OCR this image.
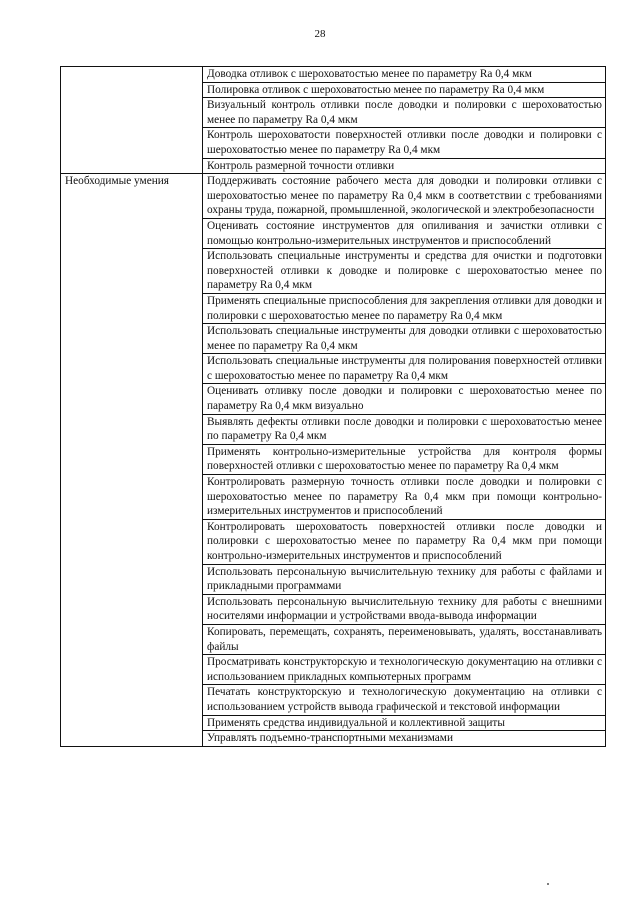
28
	Доводка отливок с шероховатостью менее по параметру Ra 0,4 мкм
	Полировка отливок с шероховатостью менее по параметру Ra 0,4 мкм
	Визуальный контроль отливки после доводки и полировки с шероховатостью менее по параметру Ra 0,4 мкм
	Контроль шероховатости поверхностей отливки после доводки и полировки с шероховатостью менее по параметру Ra 0,4 мкм
	Контроль размерной точности отливки
Необходимые умения	Поддерживать состояние рабочего места для доводки и полировки отливки с шероховатостью менее по параметру Ra 0,4 мкм в соответствии с требованиями охраны труда, пожарной, промышленной, экологической и электробезопасности
	Оценивать состояние инструментов для опиливания и зачистки отливки с помощью контрольно-измерительных инструментов и приспособлений
	Использовать специальные инструменты и средства для очистки и подготовки поверхностей отливки к доводке и полировке с шероховатостью менее по параметру Ra 0,4 мкм
	Применять специальные приспособления для закрепления отливки для доводки и полировки с шероховатостью менее по параметру Ra 0,4 мкм
	Использовать специальные инструменты для доводки отливки с шероховатостью менее по параметру Ra 0,4 мкм
	Использовать специальные инструменты для полирования поверхностей отливки с шероховатостью менее по параметру Ra 0,4 мкм
	Оценивать отливку после доводки и полировки с шероховатостью менее по параметру Ra 0,4 мкм визуально
	Выявлять дефекты отливки после доводки и полировки с шероховатостью менее по параметру Ra 0,4 мкм
	Применять контрольно-измерительные устройства для контроля формы поверхностей отливки с шероховатостью менее по параметру Ra 0,4 мкм
	Контролировать размерную точность отливки после доводки и полировки с шероховатостью менее по параметру Ra 0,4 мкм при помощи контрольно-измерительных инструментов и приспособлений
	Контролировать шероховатость поверхностей отливки после доводки и полировки с шероховатостью менее по параметру Ra 0,4 мкм при помощи контрольно-измерительных инструментов и приспособлений
	Использовать персональную вычислительную технику для работы с файлами и прикладными программами
	Использовать персональную вычислительную технику для работы с внешними носителями информации и устройствами ввода-вывода информации
	Копировать, перемещать, сохранять, переименовывать, удалять, восстанавливать файлы
	Просматривать конструкторскую и технологическую документацию на отливки с использованием прикладных компьютерных программ
	Печатать конструкторскую и технологическую документацию на отливки с использованием устройств вывода графической и текстовой информации
	Применять средства индивидуальной и коллективной защиты
	Управлять подъемно-транспортными механизмами
